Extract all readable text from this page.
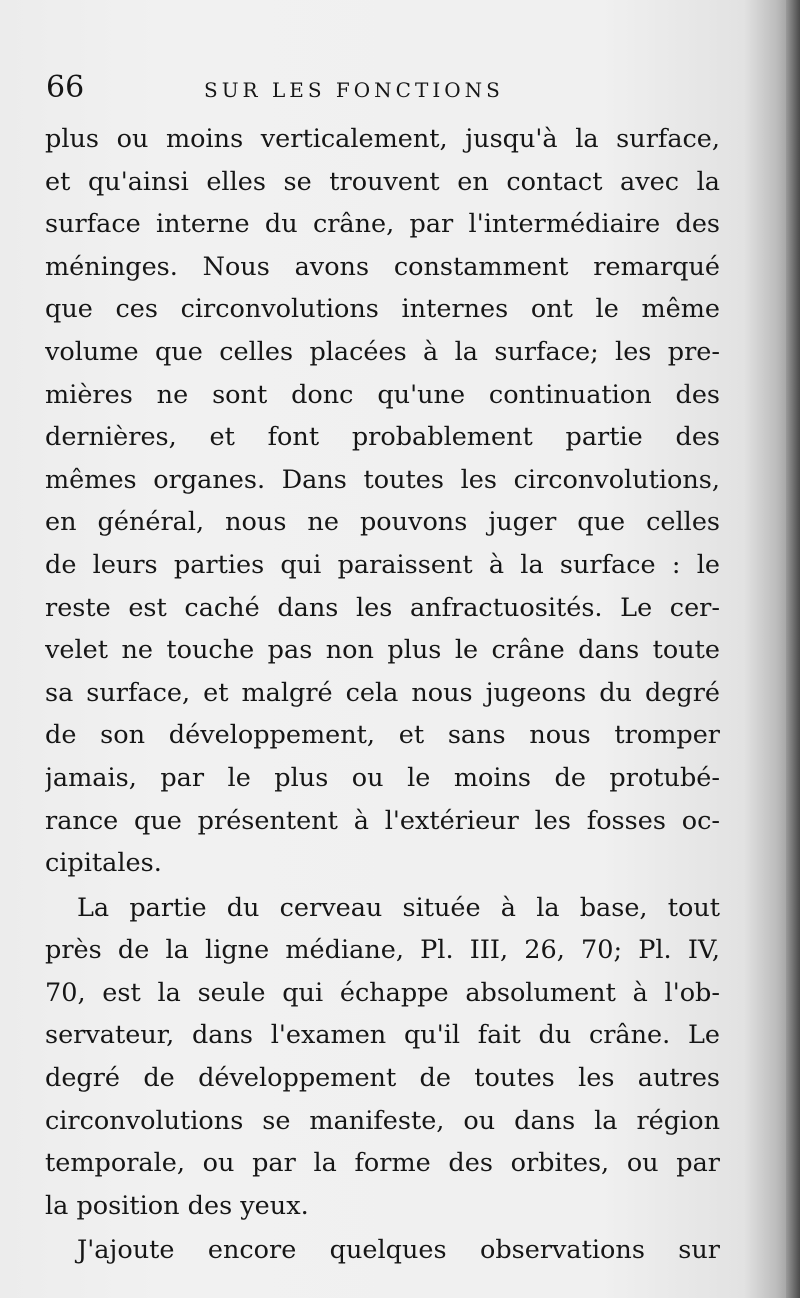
66	SUR LES FONCTIONS
plus ou moins verticalement, jusqu'à la surface,
et qu'ainsi elles se trouvent en contact avec la
surface interne du crâne, par l'intermédiaire des
méninges. Nous avons constamment remarqué
que ces circonvolutions internes ont le même
volume que celles placées à la surface; les pre-
mières ne sont donc qu'une continuation des
dernières, et font probablement partie des
mêmes organes. Dans toutes les circonvolutions,
en général, nous ne pouvons juger que celles
de leurs parties qui paraissent à la surface : le
reste est caché dans les anfractuosités. Le cer-
velet ne touche pas non plus le crâne dans toute
sa surface, et malgré cela nous jugeons du degré
de son développement, et sans nous tromper
jamais, par le plus ou le moins de protubé-
rance que présentent à l'extérieur les fosses oc-
cipitales.
La partie du cerveau située à la base, tout
près de la ligne médiane, Pl. III, 26, 70; Pl. IV,
70, est la seule qui échappe absolument à l'ob-
servateur, dans l'examen qu'il fait du crâne. Le
degré de développement de toutes les autres
circonvolutions se manifeste, ou dans la région
temporale, ou par la forme des orbites, ou par
la position des yeux.
J'ajoute encore quelques observations sur
